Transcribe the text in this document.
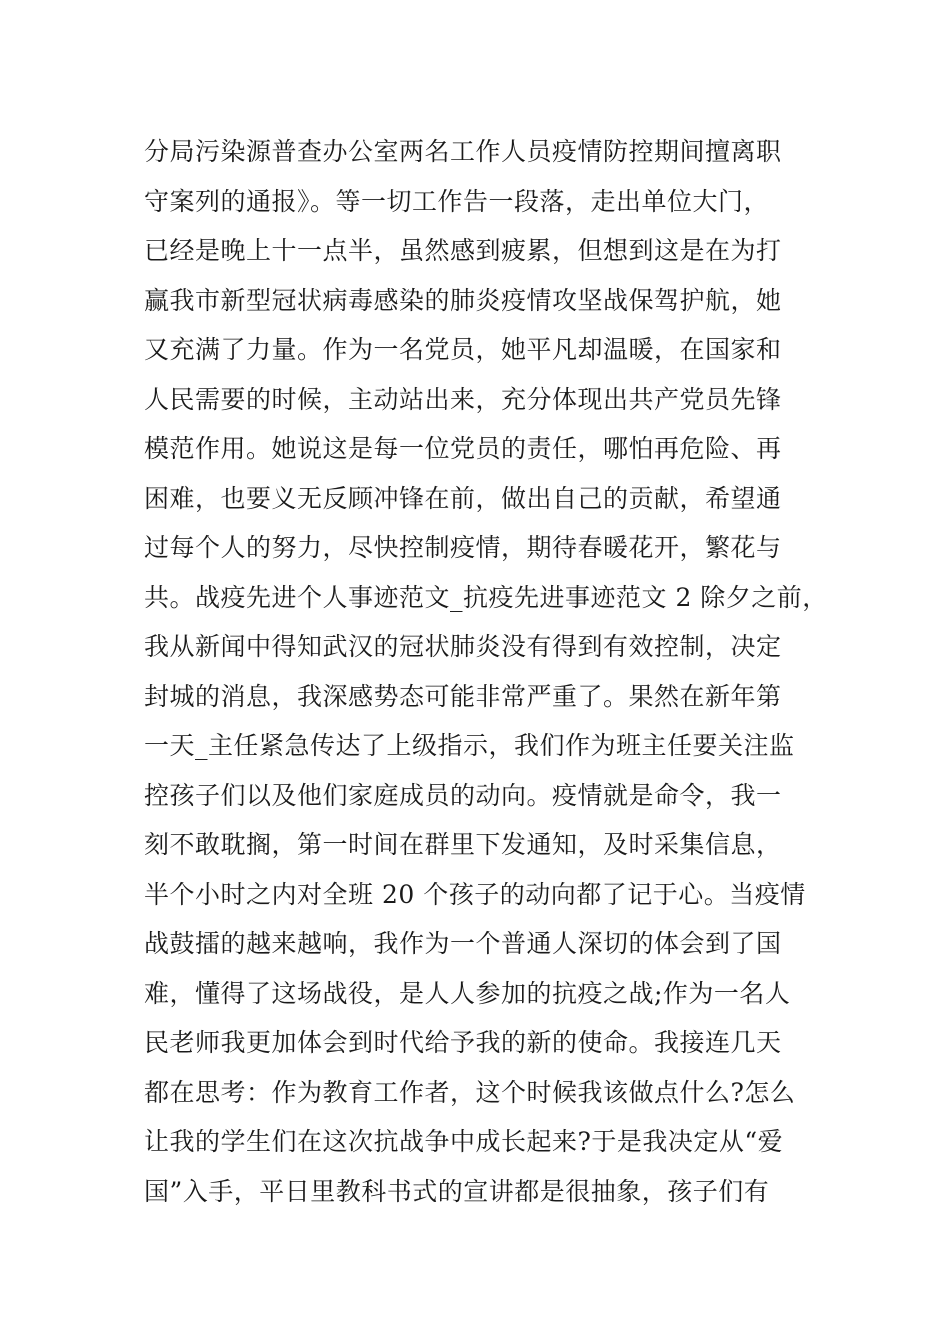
分局污染源普查办公室两名工作人员疫情防控期间擅离职
守案列的通报》。等一切工作告一段落，走出单位大门，
已经是晚上十一点半，虽然感到疲累，但想到这是在为打
赢我市新型冠状病毒感染的肺炎疫情攻坚战保驾护航，她
又充满了力量。作为一名党员，她平凡却温暖，在国家和
人民需要的时候，主动站出来，充分体现出共产党员先锋
模范作用。她说这是每一位党员的责任，哪怕再危险、再
困难，也要义无反顾冲锋在前，做出自己的贡献，希望通
过每个人的努力，尽快控制疫情，期待春暖花开，繁花与
共。战疫先进个人事迹范文_抗疫先进事迹范文 2 除夕之前，
我从新闻中得知武汉的冠状肺炎没有得到有效控制，决定
封城的消息，我深感势态可能非常严重了。果然在新年第
一天_主任紧急传达了上级指示，我们作为班主任要关注监
控孩子们以及他们家庭成员的动向。疫情就是命令，我一
刻不敢耽搁，第一时间在群里下发通知，及时采集信息，
半个小时之内对全班 20 个孩子的动向都了记于心。当疫情
战鼓擂的越来越响，我作为一个普通人深切的体会到了国
难，懂得了这场战役，是人人参加的抗疫之战;作为一名人
民老师我更加体会到时代给予我的新的使命。我接连几天
都在思考：作为教育工作者，这个时候我该做点什么?怎么
让我的学生们在这次抗战争中成长起来?于是我决定从“爱
国”入手，平日里教科书式的宣讲都是很抽象，孩子们有
